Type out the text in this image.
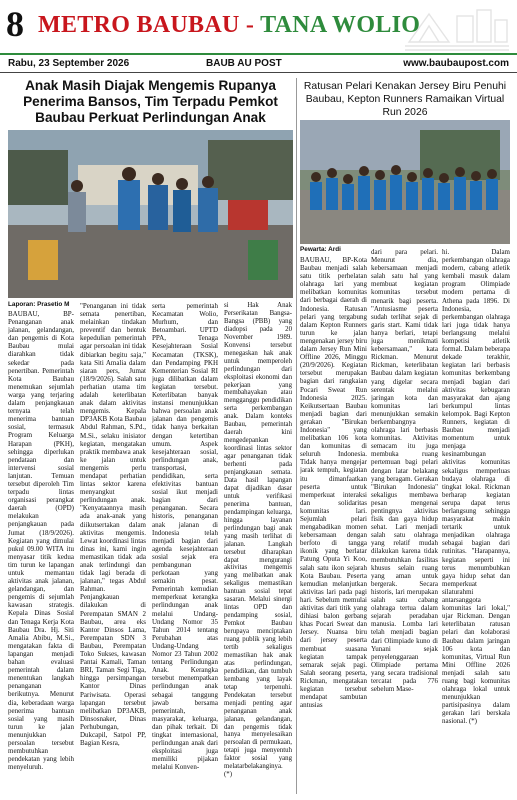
8 METRO BAUBAU - TANA WOLIO
Rabu, 23 September 2026	BAUB AU POST	www.baubaupost.com
Anak Masih Diajak Mengemis Rupanya Penerima Bansos, Tim Terpadu Pemkot Baubau Perkuat Perlindungan Anak
Ratusan Pelari Kenakan Jersey Biru Penuhi Baubau, Kepton Runners Ramaikan Virtual Run 2026
Laporan: Prasetio M
Pewarta: Ardi
BAUBAU, BP-Penanganan anak jalanan, gelandangan, dan pengemis di Kota Baubau mulai diarahkan tidak sekedar pada penertiban. Pemerintah Kota Baubau menemukan sejumlah warga yang terjaring dalam penjangkauan ternyata telah menerima bantuan sosial, termasuk Program Keluarga Harapan (PKH), sehingga diperlukan pendataan dan intervensi sosial lanjutan. Temuan tersebut diperoleh Tim terpadu lintas organisasi perangkat daerah (OPD) melakukan penjangkauan pada Jumat (18/9/2026). Kegiatan yang dimulai pukul 09.00 WITA itu menyasar titik kedua tim turun ke lapangan untuk memantau aktivitas anak jalanan, gelandangan, dan pengemis di sejumlah kawasan strategis. Kepala Dinas Sosial dan Tenaga Kerja Kota Baubau Dra. Hj. Siti Amalia Abibu, M.Si., mengatakan fakta di lapangan menjadi bahan evaluasi pemerintah dalam menentukan langkah penanganan berikutnya. Menurut dia, keberadaan warga penerima bantuan sosial yang masih turun ke jalan menunjukkan persoalan tersebut membutuhkan pendekatan yang lebih menyeluruh.
"Penanganan ini tidak semata penertiban, melainkan tindakan preventif dan bentuk kepedulian pemerintah agar persoalan ini tidak dibiarkan begitu saja," kata Siti Amalia dalam siaran pers, Jumat (18/9/2026). Salah satu perhatian utama tim adalah keterlibatan anak dalam aktivitas mengemis. Kepala DP3AKB Kota Baubau Abdul Rahman, S.Pd., M.Si., selaku inisiator kegiatan, mengatakan praktik membawa anak ke jalan untuk mengemis perlu mendapat perhatian lintas sektor karena menyangkut perlindungan anak. "Kenyataannya masih ada anak-anak yang diikutsertakan dalam aktivitas mengemis. Lewat koordinasi lintas dinas ini, kami ingin memastikan tidak ada anak terlindungi dan tidak lagi berada di jalanan," tegas Abdul Rahman. Penjangkauan dilakukan di Perempatan SMAN 2 Baubau, area eks Kantor Dinsos Lama, Perempatan SDN 3 Baubau, Perempatan Toko Sukses, kawasan Pantai Kamali, Taman BRI, Taman Segi Tiga, hingga persimpangan Kantor Dinas Pariwisata. Operasi lapangan tersebut melibatkan DP3AKB, Dinsosnaker, Dinas Perhubungan, Dukcapil, Satpol PP, Bagian Kesra,
serta pemerintah Kecamatan Wolio, Murhum, dan Betoambari. UPTD PPA, Tenaga Kesejahteraan Sosial Kecamatan (TKSK), dan Pendamping PKH Kementerian Sosial RI juga dilibatkan dalam kegiatan tersebut. Keterlibatan banyak instansi menunjukkan bahwa persoalan anak jalanan dan pengemis tidak hanya berkaitan dengan ketertiban umum. Aspek kesejahteraan sosial, perlindungan anak, transportasi, pendidikan, serta efektivitas bantuan sosial ikut menjadi bagian dari penanganan. Secara historis, penanganan anak jalanan di Indonesia telah menjadi bagian dari agenda kesejahteraan sosial sejak era pembangunan perkotaan yang semakin pesat. Pemerintah kemudian memperkuat kerangka perlindungan anak melalui Undang-Undang Nomor 35 Tahun 2014 tentang Perubahan atas Undang-Undang Nomor 23 Tahun 2002 tentang Perlindungan Anak. Kerangka tersebut menempatkan perlindungan anak sebagai tanggung jawab bersama pemerintah, masyarakat, keluarga, dan pihak terkait. Di tingkat internasional, perlindungan anak dari eksploitasi juga memiliki pijakan melalui Konven-
si Hak Anak Perserikatan Bangsa-Bangsa (PBB) yang diadopsi pada 20 November 1989. Konvensi tersebut menegaskan hak anak untuk memperoleh perlindungan dari eksploitasi ekonomi dan pekerjaan yang membahayakan atau mengganggu pendidikan serta perkembangan anak. Dalam konteks Baubau, pemerintah daerah kini mengedepankan koordinasi lintas sektor agar penanganan tidak berhenti pada penjangkauan semata. Data hasil lapangan dapat dijadikan dasar untuk verifikasi penerima bantuan, pendampingan keluarga, hingga layanan perlindungan bagi anak yang masih terlihat di jalanan. Langkah tersebut diharapkan dapat mengurangi aktivitas mengemis yang melibatkan anak sekaligus memastikan bantuan sosial tepat sasaran. Melalui sinergi lintas OPD dan pendamping sosial, Pemkot Baubau berupaya menciptakan ruang publik yang lebih tertib sekaligus memastikan hak anak atas perlindungan, pendidikan, dan tumbuh kembang yang layak tetap terpenuhi. Pendekatan tersebut menjadi penting agar penanganan anak jalanan, gelandangan, dan pengemis tidak hanya menyelesaikan persoalan di permukaan, tetapi juga menyentuh faktor sosial yang melatarbelakanginya. (*)
BAUBAU, BP-Kota Baubau menjadi salah satu titik perhelatan olahraga lari yang melibatkan komunitas dari berbagai daerah di Indonesia. Ratusan pelari yang tergabung dalam Kepton Runners turun ke jalan mengenakan jersey biru dalam Jersey Run Mini Offline 2026, Minggu (20/9/2026). Kegiatan tersebut merupakan bagian dari rangkaian Pocari Sweat Run Indonesia 2025. Keikutsertaan Baubau menjadi bagian dari gerakan "Birukan Indonesia" yang melibatkan 106 kota dan komunitas di seluruh Indonesia. Tidak hanya mengejar jarak tempuh, kegiatan itu dimanfaatkan peserta untuk memperkuat interaksi dan solidaritas komunitas lari. Sejumlah pelari mengabadikan momen kebersamaan dengan berfoto di tangga ikonik yang berlatar Patung Oputa Yi Koo, salah satu ikon sejarah Kota Baubau. Peserta kemudian melanjutkan aktivitas lari pada pagi hari. Sebelum memulai aktivitas dari titik yang dihiasi balon gerbang khas Pocari Sweat dan Jersey. Nuansa biru dari jersey peserta membuat suasana kegiatan tampak semarak sejak pagi. Salah seorang peserta, Rickman, mengatakan kegiatan tersebut mendapat sambutan antusias
dari para pelari. Menurut dia, kebersamaan menjadi salah satu hal yang membuat kegiatan komunitas tersebut menarik bagi peserta. "Antusiasme peserta sudah terlihat sejak di garis start. Kami tidak hanya berlari, tetapi juga menikmati kebersamaan," kata Rickman. Menurut Rickman, keterlibatan Baubau dalam kegiatan yang digelar secara serentak melalui jaringan kota dan komunitas lari menunjukkan semakin berkembangnya olahraga lari berbasis komunitas. Aktivitas semacam itu juga membuka ruang pertemuan bagi pelari dengan latar belakang yang beragam. Gerakan "Birukan Indonesia" sekaligus membawa pesan mengenai pentingnya aktivitas fisik dan gaya hidup sehat. Lari menjadi salah satu olahraga yang relatif mudah dilakukan karena tidak membutuhkan fasilitas khusus selain ruang yang aman untuk bergerak. Secara historis, lari merupakan salah satu cabang olahraga tertua dalam sejarah peradaban manusia. Lomba lari telah menjadi bagian dari Olimpiade kuno di Yunani sejak penyelenggaraan Olimpiade pertama yang secara tradisional tercatat pada 776 sebelum Mase-
hi. Dalam perkembangan olahraga modern, cabang atletik kembali masuk dalam program Olimpiade modern pertama di Athena pada 1896. Di Indonesia, perkembangan olahraga lari juga tidak hanya berlangsung melalui kompetisi atletik formal. Dalam beberapa dekade terakhir, kegiatan lari berbasis komunitas berkembang menjadi bagian dari aktivitas kebugaran masyarakat dan ajang berkumpul lintas kelompok. Bagi Kepton Runners, kegiatan di Baubau menjadi momentum untuk menjaga kesinambungan aktivitas komunitas sekaligus memperluas budaya olahraga di tingkat lokal. Rickman berharap kegiatan serupa dapat terus berlangsung sehingga masyarakat makin tertarik untuk menjadikan olahraga sebagai bagian dari rutinitas. "Harapannya, kegiatan seperti ini terus menumbuhkan gaya hidup sehat dan memperkuat silaturahmi antarsanggota komunitas lari lokal," ujar Rickman. Dengan keterlibatan ratusan pelari dan kolaborasi Baubau dalam jaringan 106 kota dan komunitas, Virtual Run Mini Offline 2026 menjadi salah satu ruang bagi komunitas olahraga lokal untuk menunjukkan partisipasinya dalam gerakan lari berskala nasional. (*)
